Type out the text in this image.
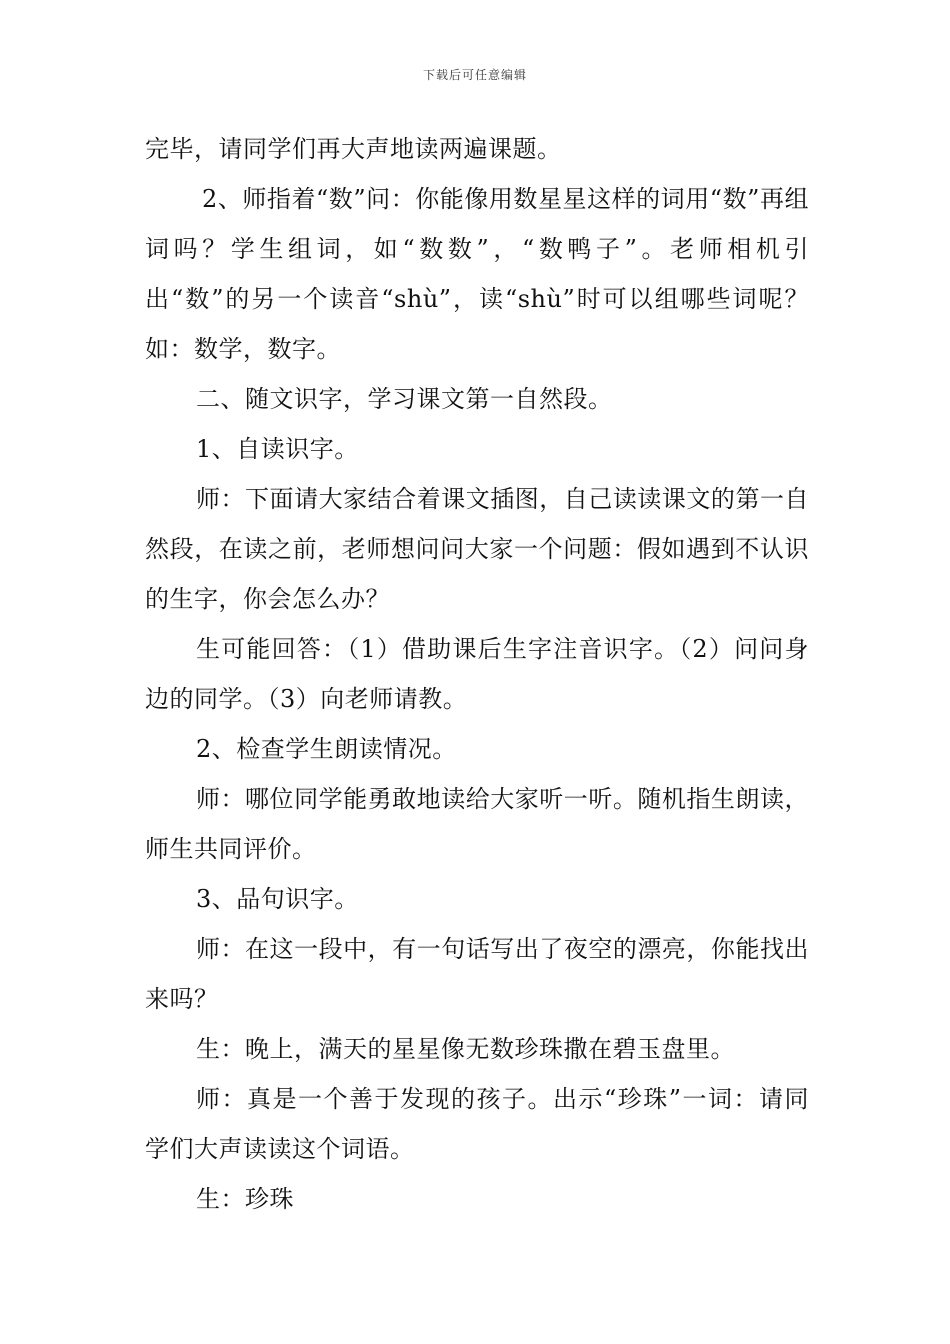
下载后可任意编辑

完毕，请同学们再大声地读两遍课题。

2、师指着“数”问：你能像用数星星这样的词用“数”再组词吗？学生组词，如“数数”，“数鸭子”。老师相机引出“数”的另一个读音“shù”，读“shù”时可以组哪些词呢？如：数学，数字。

二、随文识字，学习课文第一自然段。

1、自读识字。

师：下面请大家结合着课文插图，自己读读课文的第一自然段，在读之前，老师想问问大家一个问题：假如遇到不认识的生字，你会怎么办？

生可能回答：（1）借助课后生字注音识字。（2）问问身边的同学。（3）向老师请教。

2、检查学生朗读情况。

师：哪位同学能勇敢地读给大家听一听。随机指生朗读，师生共同评价。

3、品句识字。

师：在这一段中，有一句话写出了夜空的漂亮，你能找出来吗？

生：晚上，满天的星星像无数珍珠撒在碧玉盘里。

师：真是一个善于发现的孩子。出示“珍珠”一词：请同学们大声读读这个词语。

生：珍珠
